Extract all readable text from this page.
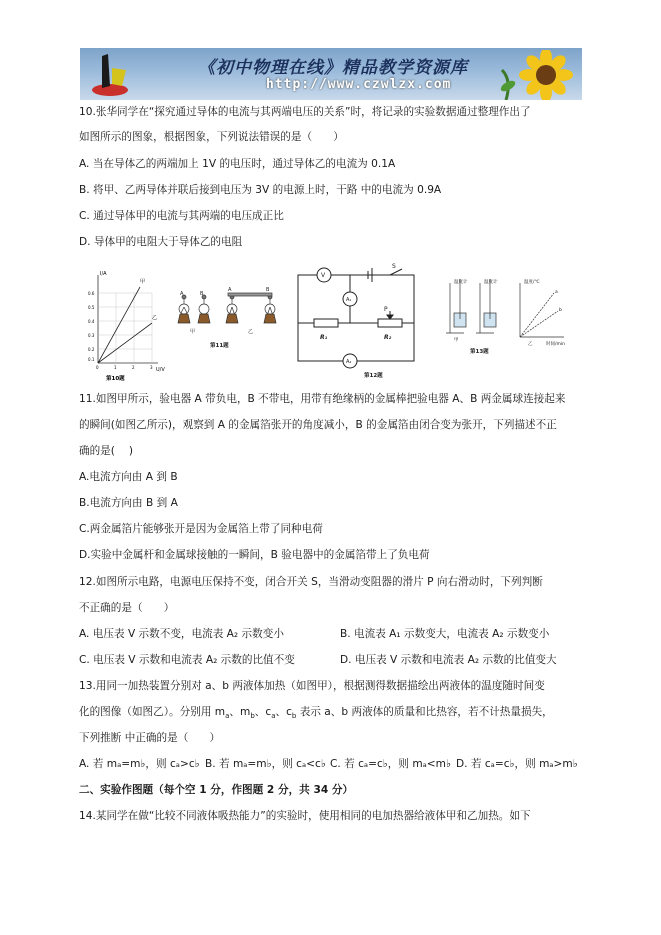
《初中物理在线》精品教学资源库
http://www.czwlzx.com
10.张华同学在“探究通过导体的电流与其两端电压的关系”时，将记录的实验数据通过整理作出了
如图所示的图象，根据图象，下列说法错误的是（　　）
A. 当在导体乙的两端加上 1V 的电压时，通过导体乙的电流为 0.1A
B. 将甲、乙两导体并联后接到电压为 3V 的电源上时，干路 中的电流为 0.9A
C. 通过导体甲的电流与其两端的电压成正比
D. 导体甲的电阻大于导体乙的电阻
I/A
U/V
0.6
0.5
0.4
0.3
0.2
0.1
0	1	2	3
甲
乙
第10题
A	B
A	B
甲	乙
第11题
V
A₁
A₂
S
P
R₁	R₂
第12题
温度计	温度计
甲
温度/℃
时间/min
a
b
乙
第13题
11.如图甲所示，验电器 A 带负电，B 不带电，用带有绝缘柄的金属棒把验电器 A、B 两金属球连接起来
的瞬间(如图乙所示)，观察到 A 的金属箔张开的角度减小，B 的金属箔由闭合变为张开，下列描述不正
确的是(　 )
A.电流方向由 A 到 B
B.电流方向由 B 到 A
C.两金属箔片能够张开是因为金属箔上带了同种电荷
D.实验中金属杆和金属球接触的一瞬间，B 验电器中的金属箔带上了负电荷
12.如图所示电路，电源电压保持不变，闭合开关 S，当滑动变阻器的滑片 P 向右滑动时，下列判断
不正确的是（　　）
A. 电压表 V 示数不变，电流表 A₂ 示数变小	B. 电流表 A₁ 示数变大，电流表 A₂ 示数变小
C. 电压表 V 示数和电流表 A₂ 示数的比值不变	D. 电压表 V 示数和电流表 A₂ 示数的比值变大
13.用同一加热装置分别对 a、b 两液体加热（如图甲），根据测得数据描绘出两液体的温度随时间变
化的图像（如图乙）。分别用 $m_a$、$m_b$、$c_a$、$c_b$ 表示 a、b 两液体的质量和比热容，若不计热量损失，
下列推断 中正确的是（　　）
A. 若 mₐ=m♭，则 cₐ>c♭ B. 若 mₐ=m♭，则 cₐ<c♭ C. 若 cₐ=c♭，则 mₐ<m♭ D. 若 cₐ=c♭，则 mₐ>m♭
二、实验作图题（每个空 1 分，作图题 2 分，共 34 分）
14.某同学在做“比较不同液体吸热能力”的实验时，使用相同的电加热器给液体甲和乙加热。如下
